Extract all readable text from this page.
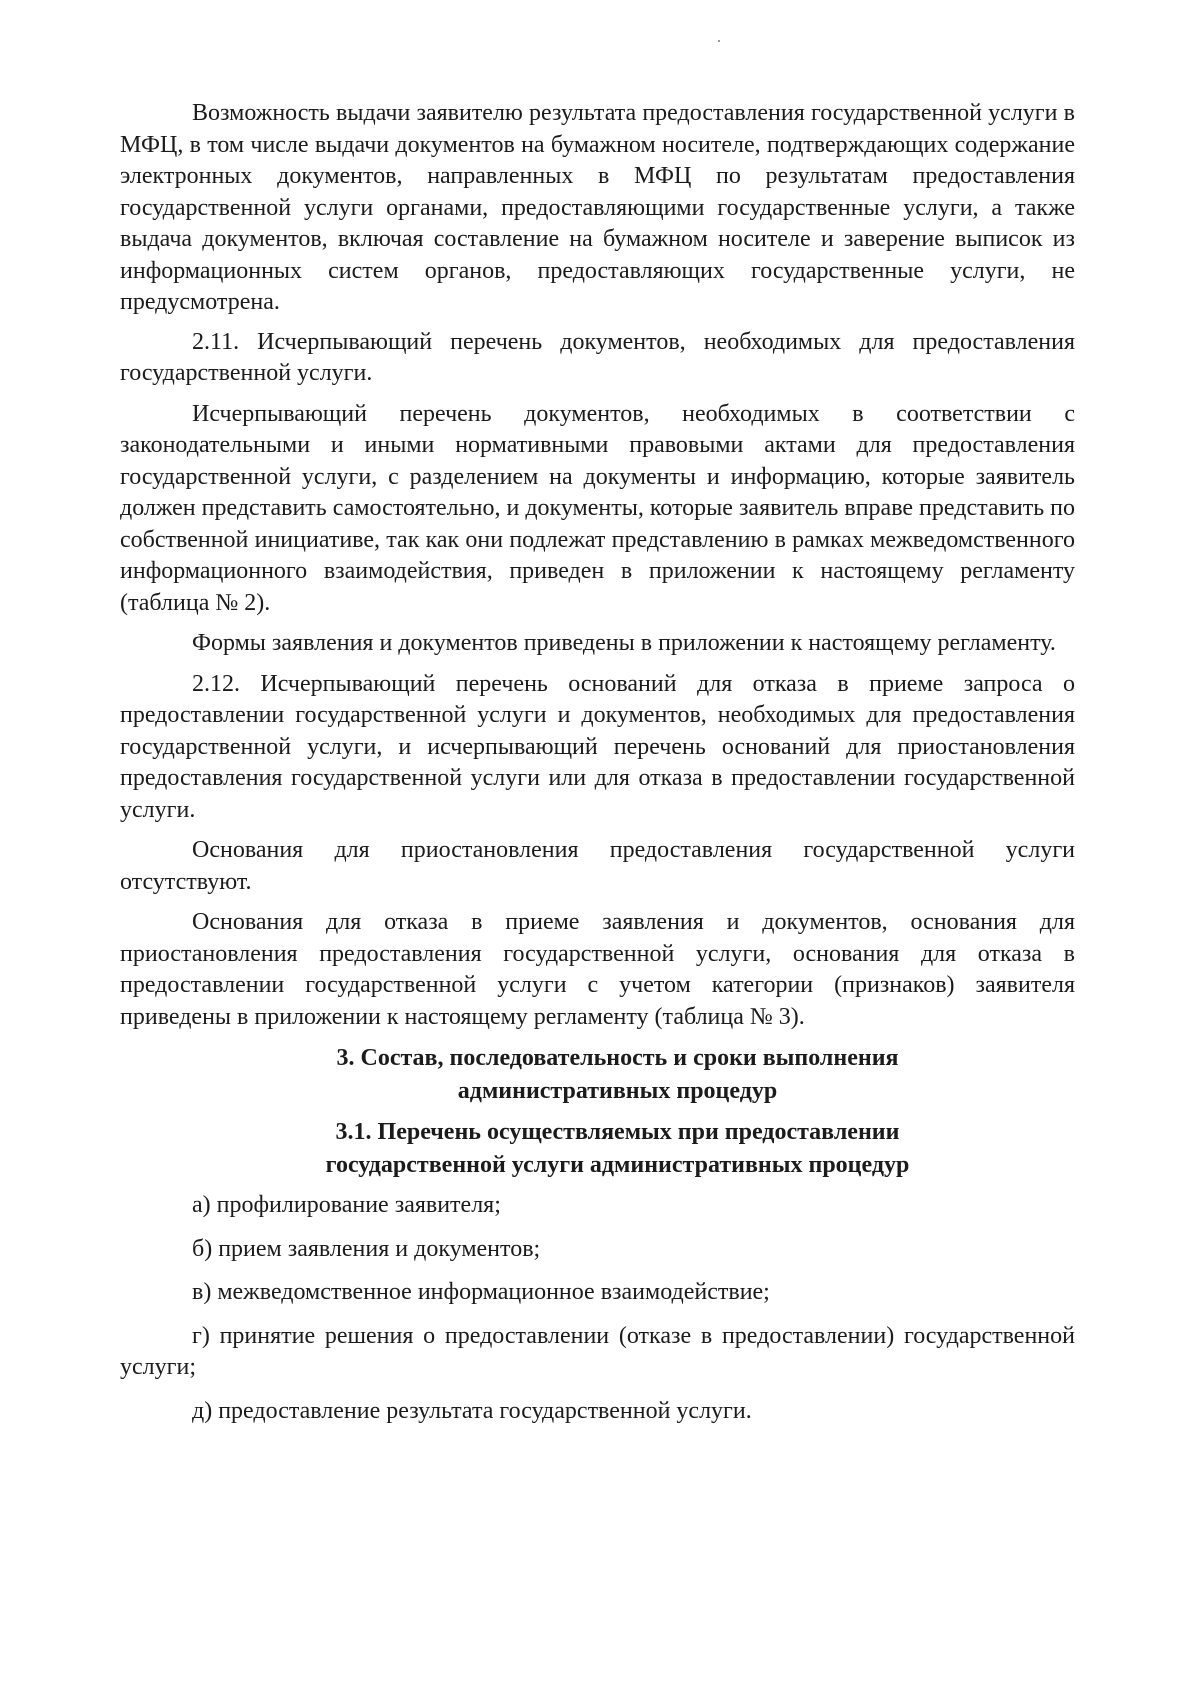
Возможность выдачи заявителю результата предоставления государственной услуги в МФЦ, в том числе выдачи документов на бумажном носителе, подтверждающих содержание электронных документов, направленных в МФЦ по результатам предоставления государственной услуги органами, предоставляющими государственные услуги, а также выдача документов, включая составление на бумажном носителе и заверение выписок из информационных систем органов, предоставляющих государственные услуги, не предусмотрена.

2.11. Исчерпывающий перечень документов, необходимых для предоставления государственной услуги.

Исчерпывающий перечень документов, необходимых в соответствии с законодательными и иными нормативными правовыми актами для предоставления государственной услуги, с разделением на документы и информацию, которые заявитель должен представить самостоятельно, и документы, которые заявитель вправе представить по собственной инициативе, так как они подлежат представлению в рамках межведомственного информационного взаимодействия, приведен в приложении к настоящему регламенту (таблица № 2).

Формы заявления и документов приведены в приложении к настоящему регламенту.

2.12. Исчерпывающий перечень оснований для отказа в приеме запроса о предоставлении государственной услуги и документов, необходимых для предоставления государственной услуги, и исчерпывающий перечень оснований для приостановления предоставления государственной услуги или для отказа в предоставлении государственной услуги.

Основания для приостановления предоставления государственной услуги отсутствуют.

Основания для отказа в приеме заявления и документов, основания для приостановления предоставления государственной услуги, основания для отказа в предоставлении государственной услуги с учетом категории (признаков) заявителя приведены в приложении к настоящему регламенту (таблица № 3).

3. Состав, последовательность и сроки выполнения
административных процедур
3.1. Перечень осуществляемых при предоставлении
государственной услуги административных процедур

а) профилирование заявителя;

б) прием заявления и документов;

в) межведомственное информационное взаимодействие;

г) принятие решения о предоставлении (отказе в предоставлении) государственной услуги;

д) предоставление результата государственной услуги.
